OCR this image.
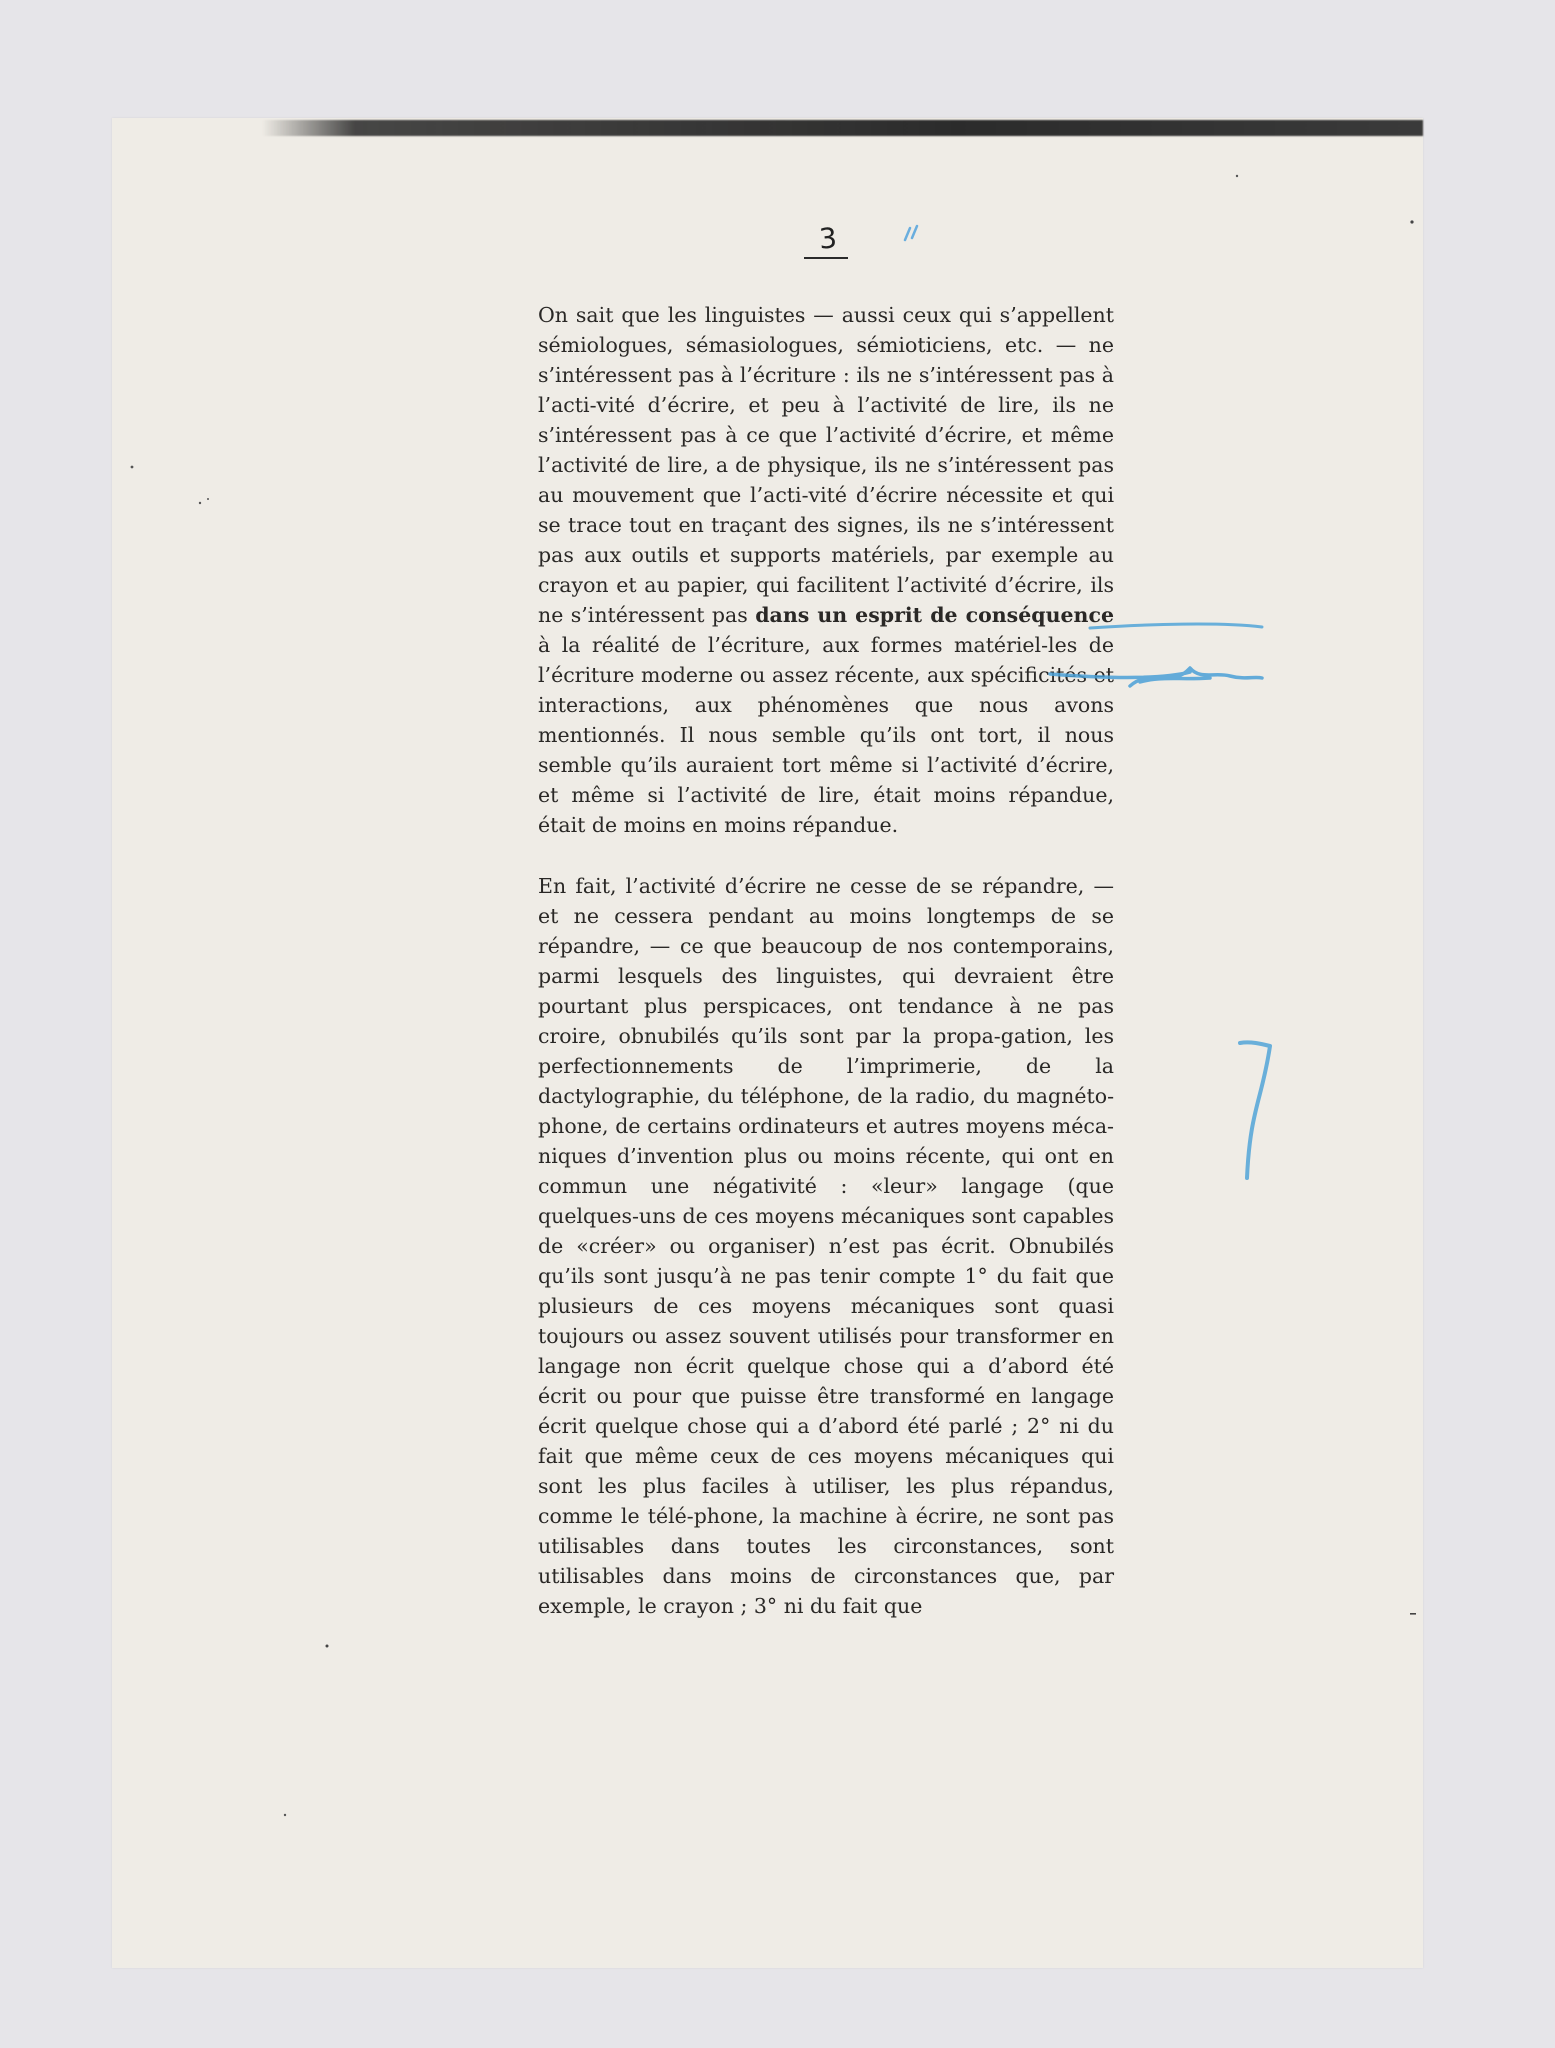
3

On sait que les linguistes — aussi ceux qui s’appellent sémiologues, sémasiologues, sémioticiens, etc. — ne s’intéressent pas à l’écriture : ils ne s’intéressent pas à l’acti-vité d’écrire, et peu à l’activité de lire, ils ne s’intéressent pas à ce que l’activité d’écrire, et même l’activité de lire, a de physique, ils ne s’intéressent pas au mouvement que l’acti-vité d’écrire nécessite et qui se trace tout en traçant des signes, ils ne s’intéressent pas aux outils et supports matériels, par exemple au crayon et au papier, qui facilitent l’activité d’écrire, ils ne s’intéressent pas dans un esprit de conséquence à la réalité de l’écriture, aux formes matériel-les de l’écriture moderne ou assez récente, aux spécificités et interactions, aux phénomènes que nous avons mentionnés. Il nous semble qu’ils ont tort, il nous semble qu’ils auraient tort même si l’activité d’écrire, et même si l’activité de lire, était moins répandue, était de moins en moins répandue.

En fait, l’activité d’écrire ne cesse de se répandre, — et ne cessera pendant au moins longtemps de se répandre, — ce que beaucoup de nos contemporains, parmi lesquels des linguistes, qui devraient être pourtant plus perspicaces, ont tendance à ne pas croire, obnubilés qu’ils sont par la propa-gation, les perfectionnements de l’imprimerie, de la dactylographie, du téléphone, de la radio, du magnéto-phone, de certains ordinateurs et autres moyens méca-niques d’invention plus ou moins récente, qui ont en commun une négativité : «leur» langage (que quelques-uns de ces moyens mécaniques sont capables de «créer» ou organiser) n’est pas écrit. Obnubilés qu’ils sont jusqu’à ne pas tenir compte 1° du fait que plusieurs de ces moyens mécaniques sont quasi toujours ou assez souvent utilisés pour transformer en langage non écrit quelque chose qui a d’abord été écrit ou pour que puisse être transformé en langage écrit quelque chose qui a d’abord été parlé ; 2° ni du fait que même ceux de ces moyens mécaniques qui sont les plus faciles à utiliser, les plus répandus, comme le télé-phone, la machine à écrire, ne sont pas utilisables dans toutes les circonstances, sont utilisables dans moins de circonstances que, par exemple, le crayon ; 3° ni du fait que
